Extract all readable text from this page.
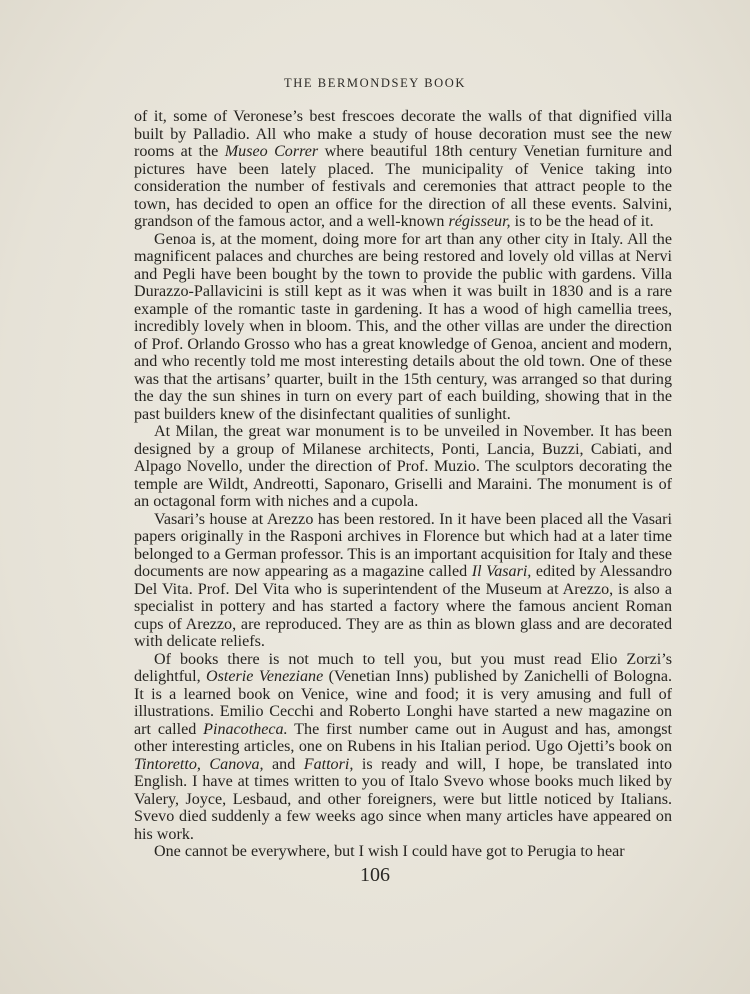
THE BERMONDSEY BOOK

of it, some of Veronese’s best frescoes decorate the walls of that dignified villa built by Palladio. All who make a study of house decoration must see the new rooms at the Museo Correr where beautiful 18th century Venetian furniture and pictures have been lately placed. The municipality of Venice taking into consideration the number of festivals and ceremonies that attract people to the town, has decided to open an office for the direction of all these events. Salvini, grandson of the famous actor, and a well-known régisseur, is to be the head of it.

Genoa is, at the moment, doing more for art than any other city in Italy. All the magnificent palaces and churches are being restored and lovely old villas at Nervi and Pegli have been bought by the town to provide the public with gardens. Villa Durazzo-Pallavicini is still kept as it was when it was built in 1830 and is a rare example of the romantic taste in gardening. It has a wood of high camellia trees, incredibly lovely when in bloom. This, and the other villas are under the direction of Prof. Orlando Grosso who has a great knowledge of Genoa, ancient and modern, and who recently told me most interesting details about the old town. One of these was that the artisans’ quarter, built in the 15th century, was arranged so that during the day the sun shines in turn on every part of each building, showing that in the past builders knew of the disinfectant qualities of sunlight.

At Milan, the great war monument is to be unveiled in November. It has been designed by a group of Milanese architects, Ponti, Lancia, Buzzi, Cabiati, and Alpago Novello, under the direction of Prof. Muzio. The sculptors decorating the temple are Wildt, Andreotti, Saponaro, Griselli and Maraini. The monument is of an octagonal form with niches and a cupola.

Vasari’s house at Arezzo has been restored. In it have been placed all the Vasari papers originally in the Rasponi archives in Florence but which had at a later time belonged to a German professor. This is an important acquisition for Italy and these documents are now appearing as a magazine called Il Vasari, edited by Alessandro Del Vita. Prof. Del Vita who is superintendent of the Museum at Arezzo, is also a specialist in pottery and has started a factory where the famous ancient Roman cups of Arezzo, are reproduced. They are as thin as blown glass and are decorated with delicate reliefs.

Of books there is not much to tell you, but you must read Elio Zorzi’s delightful, Osterie Veneziane (Venetian Inns) published by Zanichelli of Bologna. It is a learned book on Venice, wine and food; it is very amusing and full of illustrations. Emilio Cecchi and Roberto Longhi have started a new magazine on art called Pinacotheca. The first number came out in August and has, amongst other interesting articles, one on Rubens in his Italian period. Ugo Ojetti’s book on Tintoretto, Canova, and Fattori, is ready and will, I hope, be translated into English. I have at times written to you of Italo Svevo whose books much liked by Valery, Joyce, Lesbaud, and other foreigners, were but little noticed by Italians. Svevo died suddenly a few weeks ago since when many articles have appeared on his work.

One cannot be everywhere, but I wish I could have got to Perugia to hear

106
